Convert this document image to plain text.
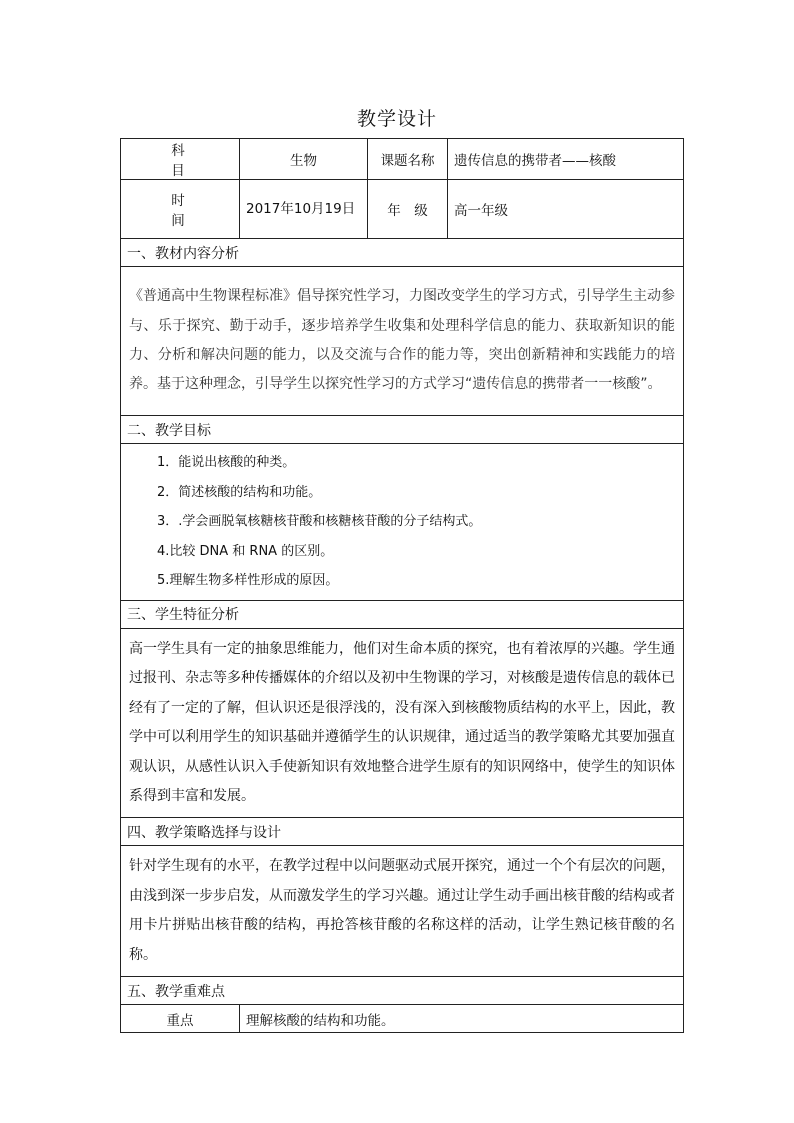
教学设计
科　目	生物	课题名称	遗传信息的携带者——核酸
时　间	2017年10月19日	年　级	高一年级
一、教材内容分析			
《普通高中生物课程标准》倡导探究性学习，力图改变学生的学习方式，引导学生主动参与、乐于探究、勤于动手，逐步培养学生收集和处理科学信息的能力、获取新知识的能力、分析和解决问题的能力，以及交流与合作的能力等，突出创新精神和实践能力的培养。基于这种理念，引导学生以探究性学习的方式学习“遗传信息的携带者一一核酸”。			
二、教学目标			

1．能说出核酸的种类。
2．简述核酸的结构和功能。
3．.学会画脱氧核糖核苷酸和核糖核苷酸的分子结构式。
4.比较 DNA 和 RNA 的区别。
5.理解生物多样性形成的原因。			

三、学生特征分析			
高一学生具有一定的抽象思维能力，他们对生命本质的探究，也有着浓厚的兴趣。学生通过报刊、杂志等多种传播媒体的介绍以及初中生物课的学习，对核酸是遗传信息的载体已经有了一定的了解，但认识还是很浮浅的，没有深入到核酸物质结构的水平上，因此，教学中可以利用学生的知识基础并遵循学生的认识规律，通过适当的教学策略尤其要加强直观认识，从感性认识入手使新知识有效地整合进学生原有的知识网络中，使学生的知识体系得到丰富和发展。			
四、教学策略选择与设计			
针对学生现有的水平，在教学过程中以问题驱动式展开探究，通过一个个有层次的问题，由浅到深一步步启发，从而激发学生的学习兴趣。通过让学生动手画出核苷酸的结构或者用卡片拼贴出核苷酸的结构，再抢答核苷酸的名称这样的活动，让学生熟记核苷酸的名称。			
五、教学重难点			
重点	理解核酸的结构和功能。		
